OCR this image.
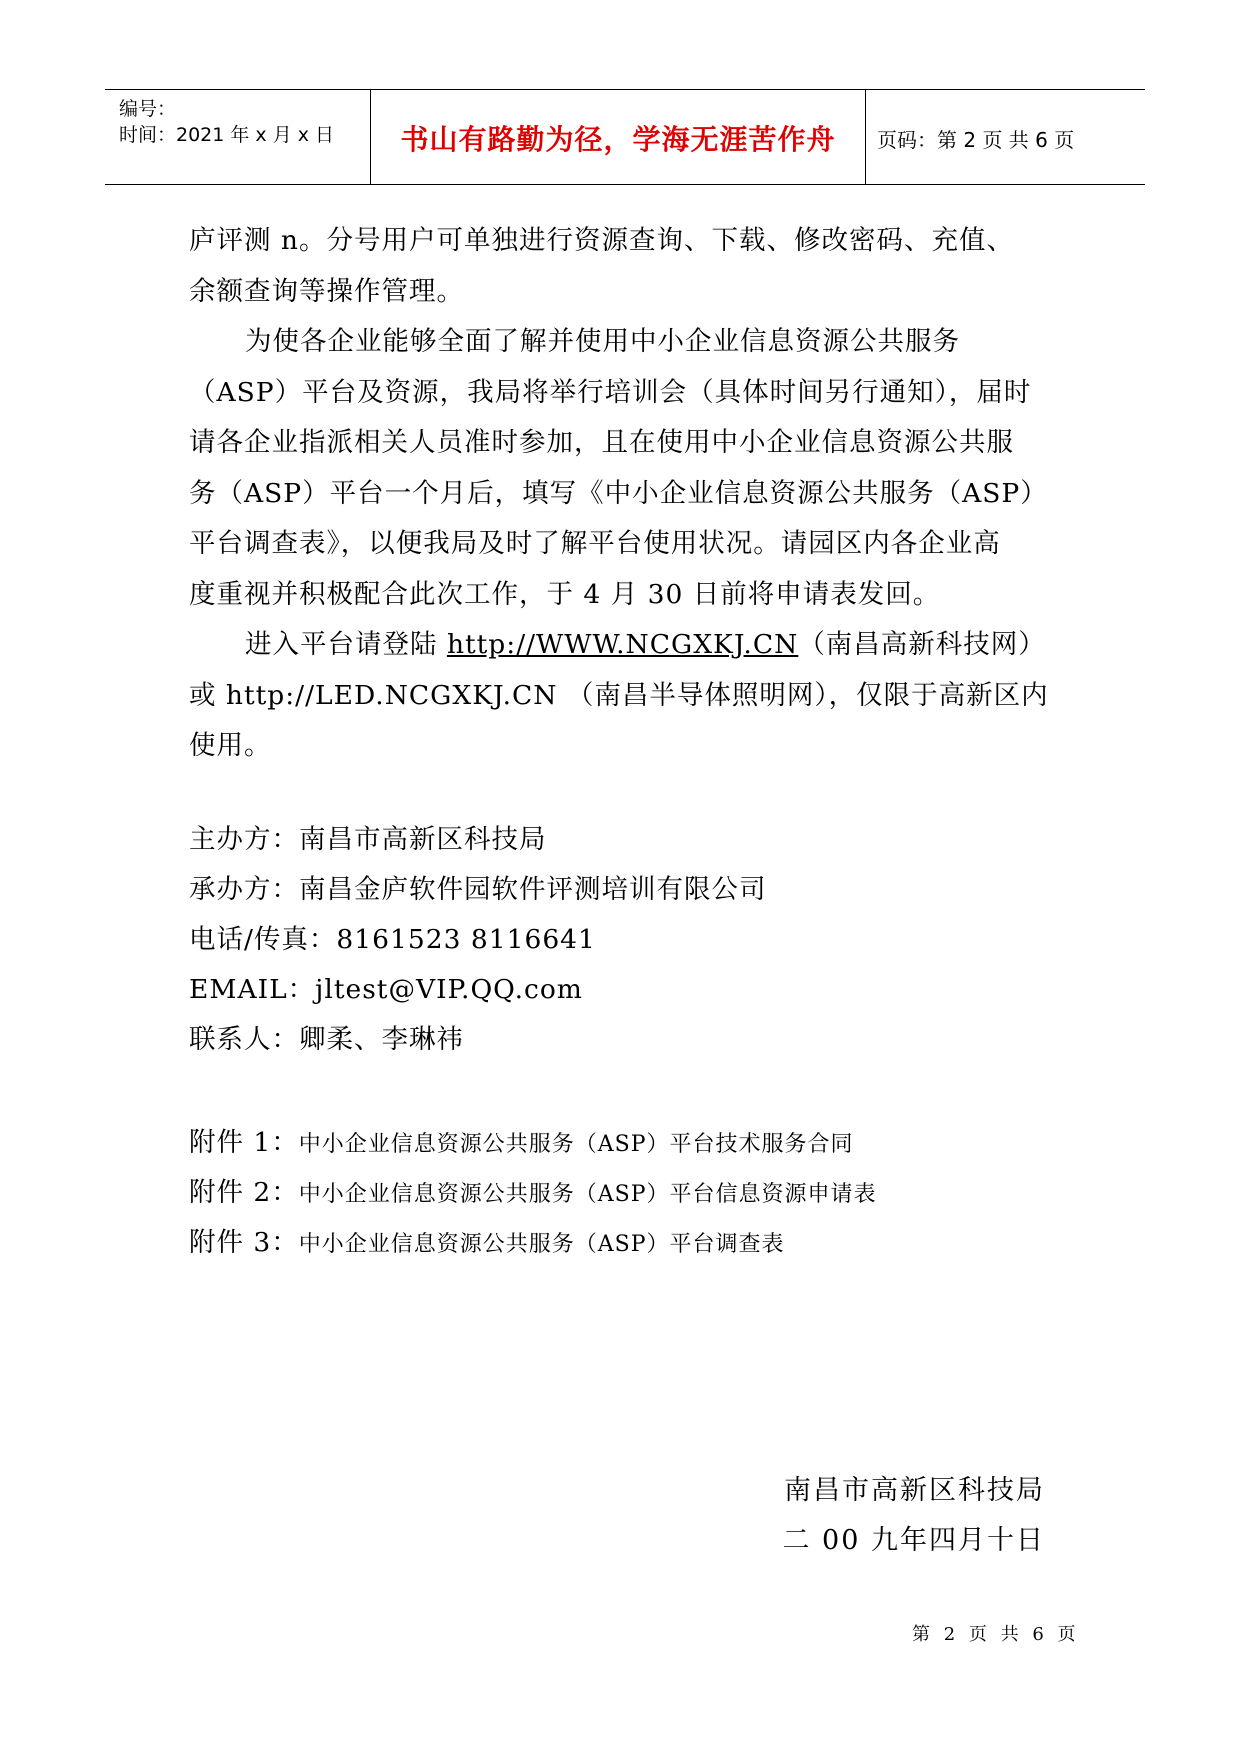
编号：
时间：2021 年 x 月 x 日	书山有路勤为径，学海无涯苦作舟	页码：第 2 页 共 6 页
庐评测 n。分号用户可单独进行资源查询、下载、修改密码、充值、
余额查询等操作管理。
为使各企业能够全面了解并使用中小企业信息资源公共服务
（ASP）平台及资源，我局将举行培训会（具体时间另行通知），届时
请各企业指派相关人员准时参加，且在使用中小企业信息资源公共服
务（ASP）平台一个月后，填写《中小企业信息资源公共服务（ASP）
平台调查表》，以便我局及时了解平台使用状况。请园区内各企业高
度重视并积极配合此次工作，于 4 月 30 日前将申请表发回。
进入平台请登陆 http://WWW.NCGXKJ.CN（南昌高新科技网）
或 http://LED.NCGXKJ.CN （南昌半导体照明网），仅限于高新区内
使用。
主办方：南昌市高新区科技局
承办方：南昌金庐软件园软件评测培训有限公司
电话/传真：8161523 8116641
EMAIL：jltest@VIP.QQ.com
联系人：卿柔、李琳祎
附件 1：中小企业信息资源公共服务（ASP）平台技术服务合同
附件 2：中小企业信息资源公共服务（ASP）平台信息资源申请表
附件 3：中小企业信息资源公共服务（ASP）平台调查表
南昌市高新区科技局
二 00 九年四月十日
第 2 页 共 6 页
